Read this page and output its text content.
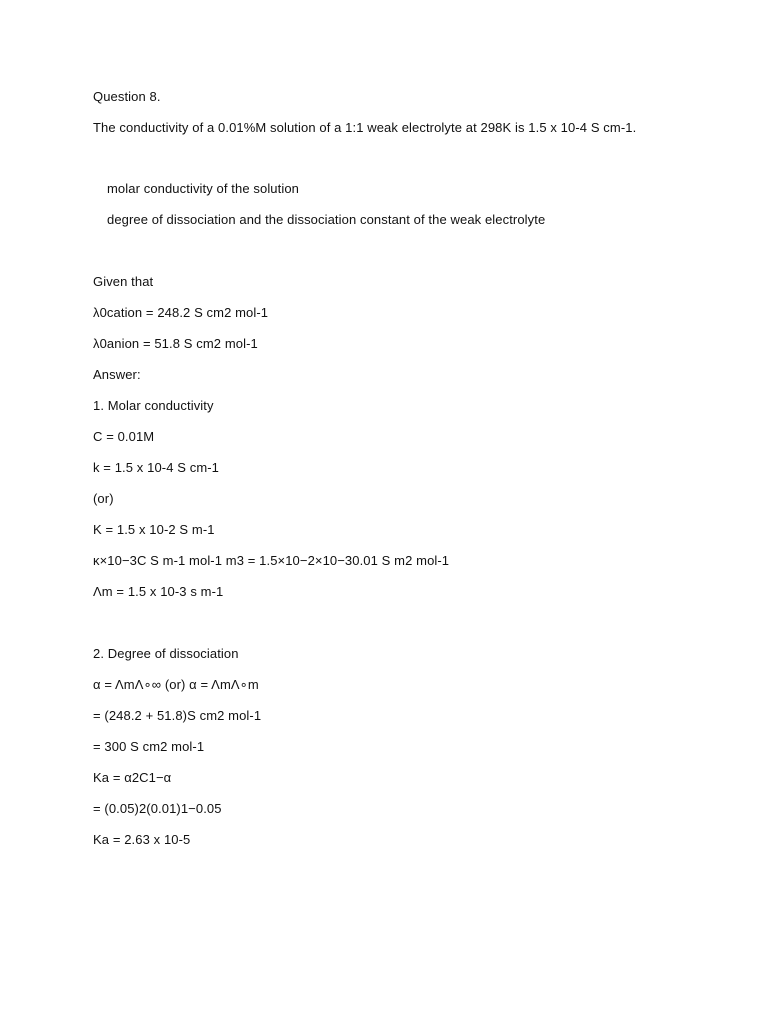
Question 8.
The conductivity of a 0.01%M solution of a 1:1 weak electrolyte at 298K is 1.5 x 10-4 S cm-1.
molar conductivity of the solution
degree of dissociation and the dissociation constant of the weak electrolyte
Given that
λ0cation = 248.2 S cm2 mol-1
λ0anion = 51.8 S cm2 mol-1
Answer:
1. Molar conductivity
C = 0.01M
k = 1.5 x 10-4 S cm-1
(or)
K = 1.5 x 10-2 S m-1
κ×10−3C S m-1 mol-1 m3 = 1.5×10−2×10−30.01 S m2 mol-1
Λm = 1.5 x 10-3 s m-1
2. Degree of dissociation
α = ΛmΛ∘∞ (or) α = ΛmΛ∘m
= (248.2 + 51.8)S cm2 mol-1
= 300 S cm2 mol-1
Ka = α2C1−α
= (0.05)2(0.01)1−0.05
Ka = 2.63 x 10-5
